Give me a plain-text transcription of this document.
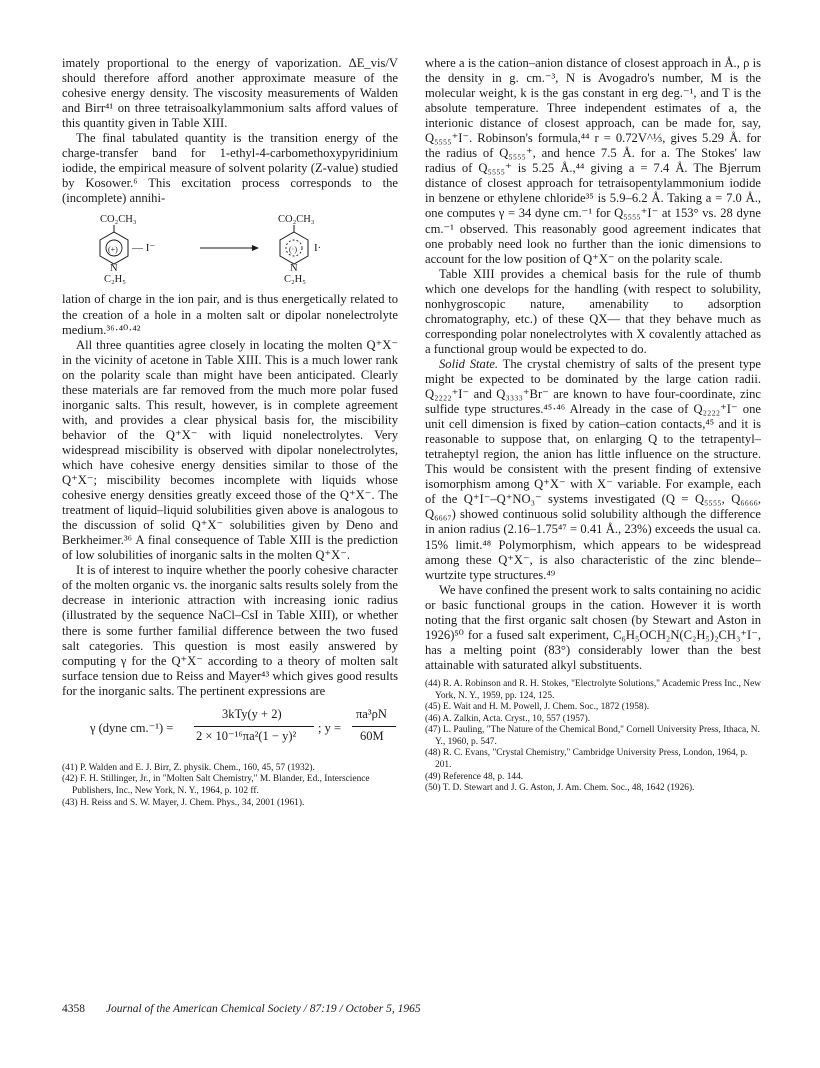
imately proportional to the energy of vaporization. ΔE_vis/V should therefore afford another approximate measure of the cohesive energy density. The viscosity measurements of Walden and Birr⁴¹ on three tetraisoalkylammonium salts afford values of this quantity given in Table XIII.

The final tabulated quantity is the transition energy of the charge-transfer band for 1-ethyl-4-carbomethoxypyridinium iodide, the empirical measure of solvent polarity (Z-value) studied by Kosower.⁶ This excitation process corresponds to the (incomplete) annihi-

CO₂CH₃	CO₂CH₃
(+)	(·)
— I⁻	I·
N	N
C₂H₅	C₂H₅

lation of charge in the ion pair, and is thus energetically related to the creation of a hole in a molten salt or dipolar nonelectrolyte medium.³⁶·⁴⁰·⁴²

All three quantities agree closely in locating the molten Q⁺X⁻ in the vicinity of acetone in Table XIII. This is a much lower rank on the polarity scale than might have been anticipated. Clearly these materials are far removed from the much more polar fused inorganic salts. This result, however, is in complete agreement with, and provides a clear physical basis for, the miscibility behavior of the Q⁺X⁻ with liquid nonelectrolytes. Very widespread miscibility is observed with dipolar nonelectrolytes, which have cohesive energy densities similar to those of the Q⁺X⁻; miscibility becomes incomplete with liquids whose cohesive energy densities greatly exceed those of the Q⁺X⁻. The treatment of liquid–liquid solubilities given above is analogous to the discussion of solid Q⁺X⁻ solubilities given by Deno and Berkheimer.³⁶ A final consequence of Table XIII is the prediction of low solubilities of inorganic salts in the molten Q⁺X⁻.

It is of interest to inquire whether the poorly cohesive character of the molten organic vs. the inorganic salts results solely from the decrease in interionic attraction with increasing ionic radius (illustrated by the sequence NaCl–CsI in Table XIII), or whether there is some further familial difference between the two fused salt categories. This question is most easily answered by computing γ for the Q⁺X⁻ according to a theory of molten salt surface tension due to Reiss and Mayer⁴³ which gives good results for the inorganic salts. The pertinent expressions are

γ (dyne cm.⁻¹) =
3kTy(y + 2)
2 × 10⁻¹⁶πa²(1 − y)²
; y =
πa³ρN
60M

(41) P. Walden and E. J. Birr, Z. physik. Chem., 160, 45, 57 (1932).

(42) F. H. Stillinger, Jr., in "Molten Salt Chemistry," M. Blander, Ed., Interscience Publishers, Inc., New York, N. Y., 1964, p. 102 ff.

(43) H. Reiss and S. W. Mayer, J. Chem. Phys., 34, 2001 (1961).

where a is the cation–anion distance of closest approach in Å., ρ is the density in g. cm.⁻³, N is Avogadro's number, M is the molecular weight, k is the gas constant in erg deg.⁻¹, and T is the absolute temperature. Three independent estimates of a, the interionic distance of closest approach, can be made for, say, Q₅₅₅₅⁺I⁻. Robinson's formula,⁴⁴ r = 0.72V^⅓, gives 5.29 Å. for the radius of Q₅₅₅₅⁺, and hence 7.5 Å. for a. The Stokes' law radius of Q₅₅₅₅⁺ is 5.25 Å.,⁴⁴ giving a = 7.4 Å. The Bjerrum distance of closest approach for tetraisopentylammonium iodide in benzene or ethylene chloride³⁵ is 5.9–6.2 Å. Taking a = 7.0 Å., one computes γ = 34 dyne cm.⁻¹ for Q₅₅₅₅⁺I⁻ at 153° vs. 28 dyne cm.⁻¹ observed. This reasonably good agreement indicates that one probably need look no further than the ionic dimensions to account for the low position of Q⁺X⁻ on the polarity scale.

Table XIII provides a chemical basis for the rule of thumb which one develops for the handling (with respect to solubility, nonhygroscopic nature, amenability to adsorption chromatography, etc.) of these QX— that they behave much as corresponding polar nonelectrolytes with X covalently attached as a functional group would be expected to do.

Solid State. The crystal chemistry of salts of the present type might be expected to be dominated by the large cation radii. Q₂₂₂₂⁺I⁻ and Q₃₃₃₃⁺Br⁻ are known to have four-coordinate, zinc sulfide type structures.⁴⁵·⁴⁶ Already in the case of Q₂₂₂₂⁺I⁻ one unit cell dimension is fixed by cation–cation contacts,⁴⁵ and it is reasonable to suppose that, on enlarging Q to the tetrapentyl–tetraheptyl region, the anion has little influence on the structure. This would be consistent with the present finding of extensive isomorphism among Q⁺X⁻ with X⁻ variable. For example, each of the Q⁺I⁻–Q⁺NO₃⁻ systems investigated (Q = Q₅₅₅₅, Q₆₆₆₆, Q₆₆₆₇) showed continuous solid solubility although the difference in anion radius (2.16–1.75⁴⁷ = 0.41 Å., 23%) exceeds the usual ca. 15% limit.⁴⁸ Polymorphism, which appears to be widespread among these Q⁺X⁻, is also characteristic of the zinc blende–wurtzite type structures.⁴⁹

We have confined the present work to salts containing no acidic or basic functional groups in the cation. However it is worth noting that the first organic salt chosen (by Stewart and Aston in 1926)⁵⁰ for a fused salt experiment, C₆H₅OCH₂N(C₂H₅)₂CH₃⁺I⁻, has a melting point (83°) considerably lower than the best attainable with saturated alkyl substituents.

(44) R. A. Robinson and R. H. Stokes, "Electrolyte Solutions," Academic Press Inc., New York, N. Y., 1959, pp. 124, 125.

(45) E. Wait and H. M. Powell, J. Chem. Soc., 1872 (1958).

(46) A. Zalkin, Acta. Cryst., 10, 557 (1957).

(47) L. Pauling, "The Nature of the Chemical Bond," Cornell University Press, Ithaca, N. Y., 1960, p. 547.

(48) R. C. Evans, "Crystal Chemistry," Cambridge University Press, London, 1964, p. 201.

(49) Reference 48, p. 144.

(50) T. D. Stewart and J. G. Aston, J. Am. Chem. Soc., 48, 1642 (1926).

4358 Journal of the American Chemical Society / 87:19 / October 5, 1965
